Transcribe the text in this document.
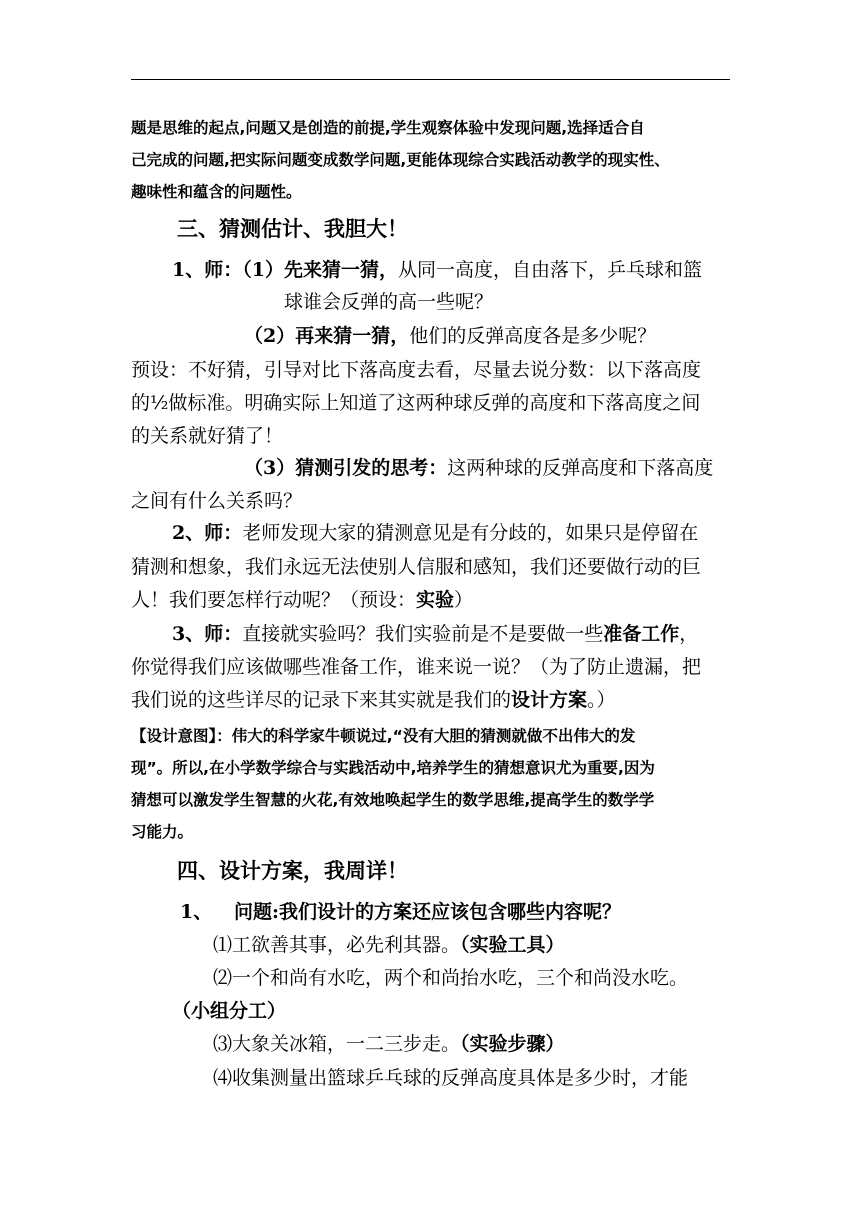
题是思维的起点,问题又是创造的前提,学生观察体验中发现问题,选择适合自
己完成的问题,把实际问题变成数学问题,更能体现综合实践活动教学的现实性、
趣味性和蕴含的问题性。
三、猜测估计、我胆大！
1、师：（1）先来猜一猜，从同一高度，自由落下，乒乓球和篮
球谁会反弹的高一些呢？
（2）再来猜一猜，他们的反弹高度各是多少呢？
预设：不好猜，引导对比下落高度去看，尽量去说分数：以下落高度
的½做标准。明确实际上知道了这两种球反弹的高度和下落高度之间
的关系就好猜了！
（3）猜测引发的思考：这两种球的反弹高度和下落高度
之间有什么关系吗？
2、师：老师发现大家的猜测意见是有分歧的，如果只是停留在
猜测和想象，我们永远无法使别人信服和感知，我们还要做行动的巨
人！我们要怎样行动呢？（预设：实验）
3、师：直接就实验吗？我们实验前是不是要做一些准备工作，
你觉得我们应该做哪些准备工作，谁来说一说？（为了防止遗漏，把
我们说的这些详尽的记录下来其实就是我们的设计方案。）
【设计意图】：伟大的科学家牛顿说过,“没有大胆的猜测就做不出伟大的发
现”。所以,在小学数学综合与实践活动中,培养学生的猜想意识尤为重要,因为
猜想可以激发学生智慧的火花,有效地唤起学生的数学思维,提高学生的数学学
习能力。
四、设计方案，我周详！
1、 问题:我们设计的方案还应该包含哪些内容呢？
⑴工欲善其事，必先利其器。（实验工具）
⑵一个和尚有水吃，两个和尚抬水吃，三个和尚没水吃。
（小组分工）
⑶大象关冰箱，一二三步走。（实验步骤）
⑷收集测量出篮球乒乓球的反弹高度具体是多少时，才能
